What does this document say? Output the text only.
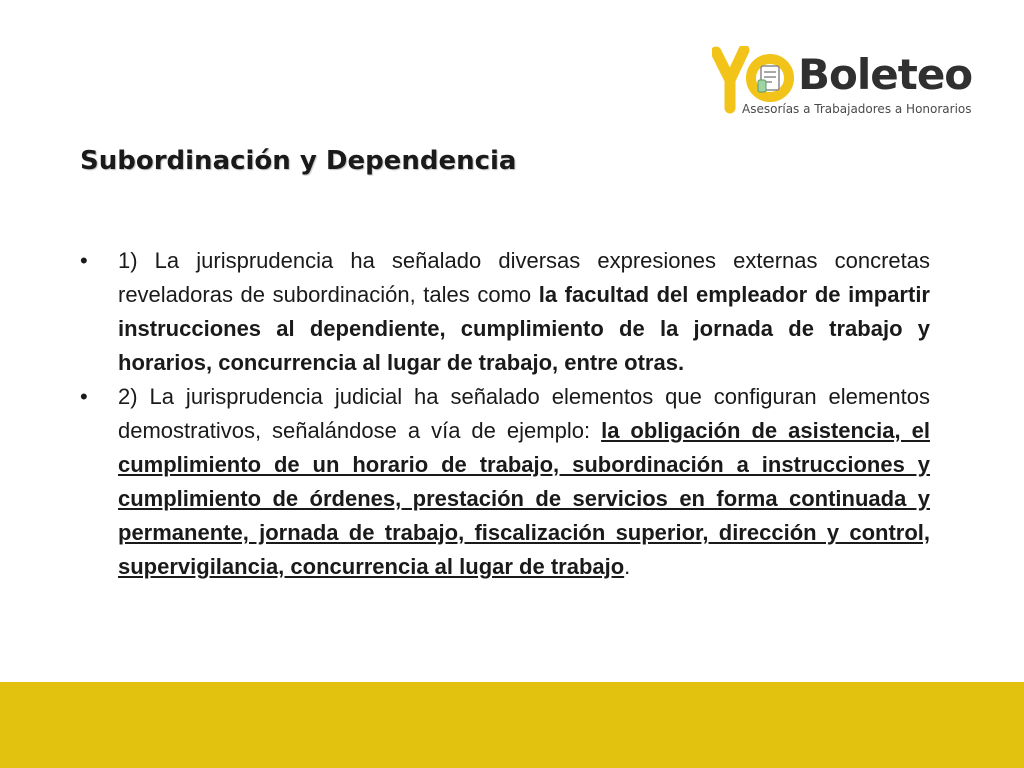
Boleteo
Asesorías a Trabajadores a Honorarios
Subordinación y Dependencia
• 1) La jurisprudencia ha señalado diversas expresiones externas concretas reveladoras de subordinación, tales como la facultad del empleador de impartir instrucciones al dependiente, cumplimiento de la jornada de trabajo y horarios, concurrencia al lugar de trabajo, entre otras.
• 2) La jurisprudencia judicial ha señalado elementos que configuran elementos demostrativos, señalándose a vía de ejemplo: la obligación de asistencia, el cumplimiento de un horario de trabajo, subordinación a instrucciones y cumplimiento de órdenes, prestación de servicios en forma continuada y permanente, jornada de trabajo, fiscalización superior, dirección y control, supervigilancia, concurrencia al lugar de trabajo.
